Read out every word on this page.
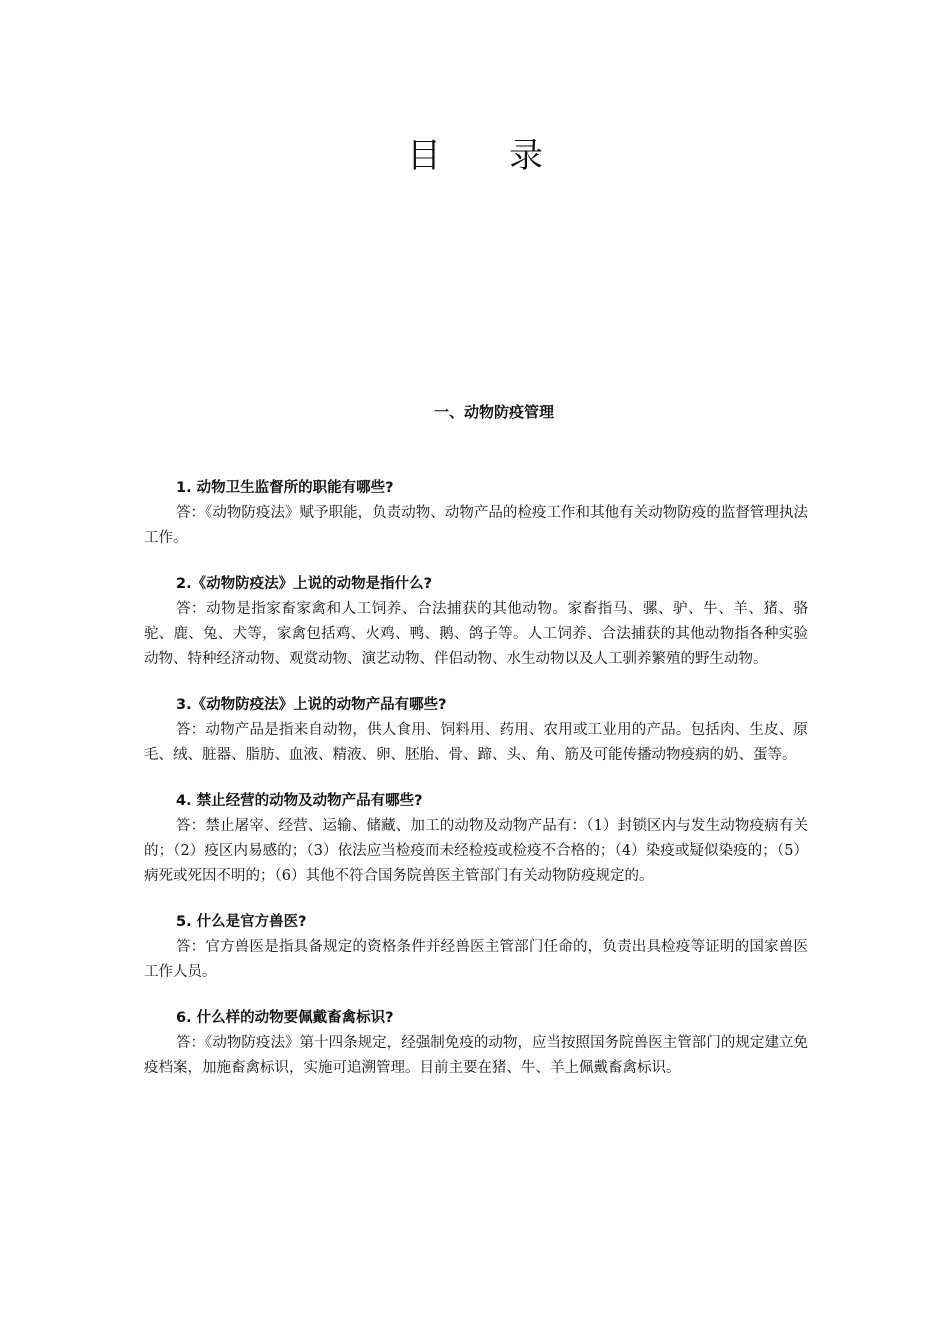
目录
一、动物防疫管理

1. 动物卫生监督所的职能有哪些?

答：《动物防疫法》赋予职能，负责动物、动物产品的检疫工作和其他有关动物防疫的监督管理执法工作。

2.《动物防疫法》上说的动物是指什么?

答：动物是指家畜家禽和人工饲养、合法捕获的其他动物。家畜指马、骡、驴、牛、羊、猪、骆驼、鹿、兔、犬等，家禽包括鸡、火鸡、鸭、鹅、鸽子等。人工饲养、合法捕获的其他动物指各种实验动物、特种经济动物、观赏动物、演艺动物、伴侣动物、水生动物以及人工驯养繁殖的野生动物。

3.《动物防疫法》上说的动物产品有哪些?

答：动物产品是指来自动物，供人食用、饲料用、药用、农用或工业用的产品。包括肉、生皮、原毛、绒、脏器、脂肪、血液、精液、卵、胚胎、骨、蹄、头、角、筋及可能传播动物疫病的奶、蛋等。

4. 禁止经营的动物及动物产品有哪些?

答：禁止屠宰、经营、运输、储藏、加工的动物及动物产品有：（1）封锁区内与发生动物疫病有关的；（2）疫区内易感的；（3）依法应当检疫而未经检疫或检疫不合格的；（4）染疫或疑似染疫的；（5）病死或死因不明的；（6）其他不符合国务院兽医主管部门有关动物防疫规定的。

5. 什么是官方兽医?

答：官方兽医是指具备规定的资格条件并经兽医主管部门任命的，负责出具检疫等证明的国家兽医工作人员。

6. 什么样的动物要佩戴畜禽标识?

答：《动物防疫法》第十四条规定，经强制免疫的动物，应当按照国务院兽医主管部门的规定建立免疫档案，加施畜禽标识，实施可追溯管理。目前主要在猪、牛、羊上佩戴畜禽标识。
